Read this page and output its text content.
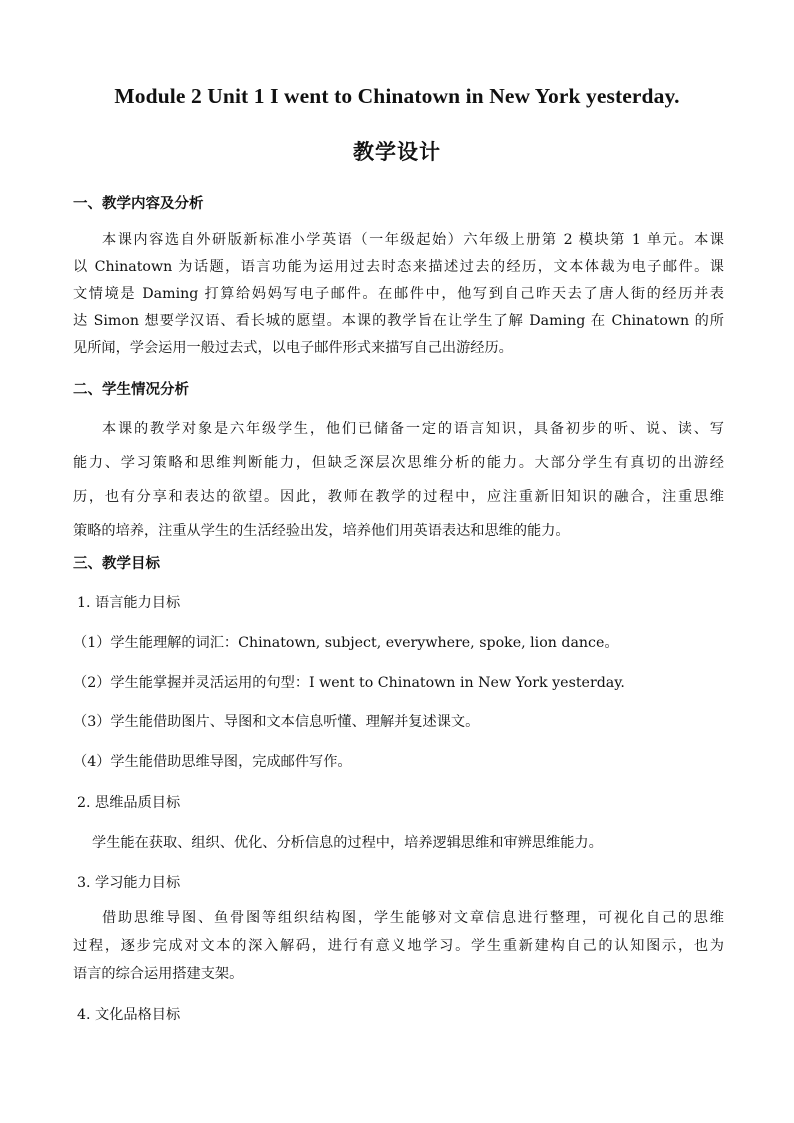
Module 2 Unit 1 I went to Chinatown in New York yesterday.
教学设计
一、教学内容及分析
本课内容选自外研版新标准小学英语（一年级起始）六年级上册第 2 模块第 1 单元。本课
以 Chinatown 为话题，语言功能为运用过去时态来描述过去的经历，文本体裁为电子邮件。课
文情境是 Daming 打算给妈妈写电子邮件。在邮件中，他写到自己昨天去了唐人街的经历并表
达 Simon 想要学汉语、看长城的愿望。本课的教学旨在让学生了解 Daming 在 Chinatown 的所
见所闻，学会运用一般过去式，以电子邮件形式来描写自己出游经历。
二、学生情况分析
本课的教学对象是六年级学生，他们已储备一定的语言知识，具备初步的听、说、读、写
能力、学习策略和思维判断能力，但缺乏深层次思维分析的能力。大部分学生有真切的出游经
历，也有分享和表达的欲望。因此，教师在教学的过程中，应注重新旧知识的融合，注重思维
策略的培养，注重从学生的生活经验出发，培养他们用英语表达和思维的能力。
三、教学目标
1. 语言能力目标
（1）学生能理解的词汇：Chinatown, subject, everywhere, spoke, lion dance。
（2）学生能掌握并灵活运用的句型：I went to Chinatown in New York yesterday.
（3）学生能借助图片、导图和文本信息听懂、理解并复述课文。
（4）学生能借助思维导图，完成邮件写作。
2. 思维品质目标
学生能在获取、组织、优化、分析信息的过程中，培养逻辑思维和审辨思维能力。
3. 学习能力目标
借助思维导图、鱼骨图等组织结构图，学生能够对文章信息进行整理，可视化自己的思维
过程，逐步完成对文本的深入解码，进行有意义地学习。学生重新建构自己的认知图示，也为
语言的综合运用搭建支架。
4. 文化品格目标
